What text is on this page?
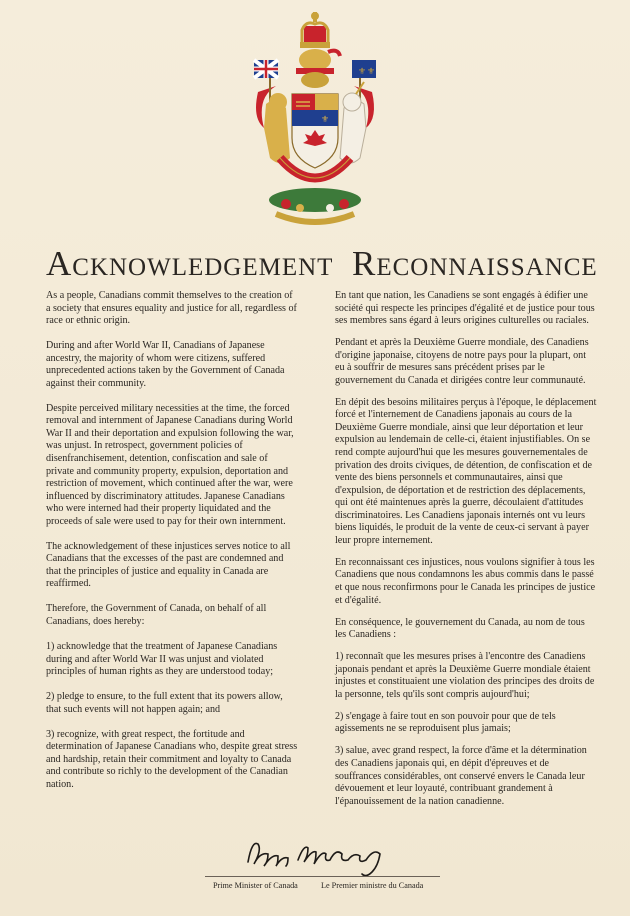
⚜ ⚜
⚜
Acknowledgement Reconnaissance

As a people, Canadians commit themselves to the creation of a society that ensures equality and justice for all, regardless of race or ethnic origin.

During and after World War II, Canadians of Japanese ancestry, the majority of whom were citizens, suffered unprecedented actions taken by the Government of Canada against their community.

Despite perceived military necessities at the time, the forced removal and internment of Japanese Canadians during World War II and their deportation and expulsion following the war, was unjust. In retrospect, government policies of disenfranchisement, detention, confiscation and sale of private and community property, expulsion, deportation and restriction of movement, which continued after the war, were influenced by discriminatory attitudes. Japanese Canadians who were interned had their property liquidated and the proceeds of sale were used to pay for their own internment.

The acknowledgement of these injustices serves notice to all Canadians that the excesses of the past are condemned and that the principles of justice and equality in Canada are reaffirmed.

Therefore, the Government of Canada, on behalf of all Canadians, does hereby:

1) acknowledge that the treatment of Japanese Canadians during and after World War II was unjust and violated principles of human rights as they are understood today;

2) pledge to ensure, to the full extent that its powers allow, that such events will not happen again; and

3) recognize, with great respect, the fortitude and determination of Japanese Canadians who, despite great stress and hardship, retain their commitment and loyalty to Canada and contribute so richly to the development of the Canadian nation.

En tant que nation, les Canadiens se sont engagés à édifier une société qui respecte les principes d'égalité et de justice pour tous ses membres sans égard à leurs origines culturelles ou raciales.

Pendant et après la Deuxième Guerre mondiale, des Canadiens d'origine japonaise, citoyens de notre pays pour la plupart, ont eu à souffrir de mesures sans précédent prises par le gouvernement du Canada et dirigées contre leur communauté.

En dépit des besoins militaires perçus à l'époque, le déplacement forcé et l'internement de Canadiens japonais au cours de la Deuxième Guerre mondiale, ainsi que leur déportation et leur expulsion au lendemain de celle-ci, étaient injustifiables. On se rend compte aujourd'hui que les mesures gouvernementales de privation des droits civiques, de détention, de confiscation et de vente des biens personnels et communautaires, ainsi que d'expulsion, de déportation et de restriction des déplacements, qui ont été maintenues après la guerre, découlaient d'attitudes discriminatoires. Les Canadiens japonais internés ont vu leurs biens liquidés, le produit de la vente de ceux-ci servant à payer leur propre internement.

En reconnaissant ces injustices, nous voulons signifier à tous les Canadiens que nous condamnons les abus commis dans le passé et que nous reconfirmons pour le Canada les principes de justice et d'égalité.

En conséquence, le gouvernement du Canada, au nom de tous les Canadiens :

1) reconnaît que les mesures prises à l'encontre des Canadiens japonais pendant et après la Deuxième Guerre mondiale étaient injustes et constituaient une violation des principes des droits de la personne, tels qu'ils sont compris aujourd'hui;

2) s'engage à faire tout en son pouvoir pour que de tels agissements ne se reproduisent plus jamais;

3) salue, avec grand respect, la force d'âme et la détermination des Canadiens japonais qui, en dépit d'épreuves et de souffrances considérables, ont conservé envers le Canada leur dévouement et leur loyauté, contribuant grandement à l'épanouissement de la nation canadienne.

Prime Minister of Canada	Le Premier ministre du Canada
